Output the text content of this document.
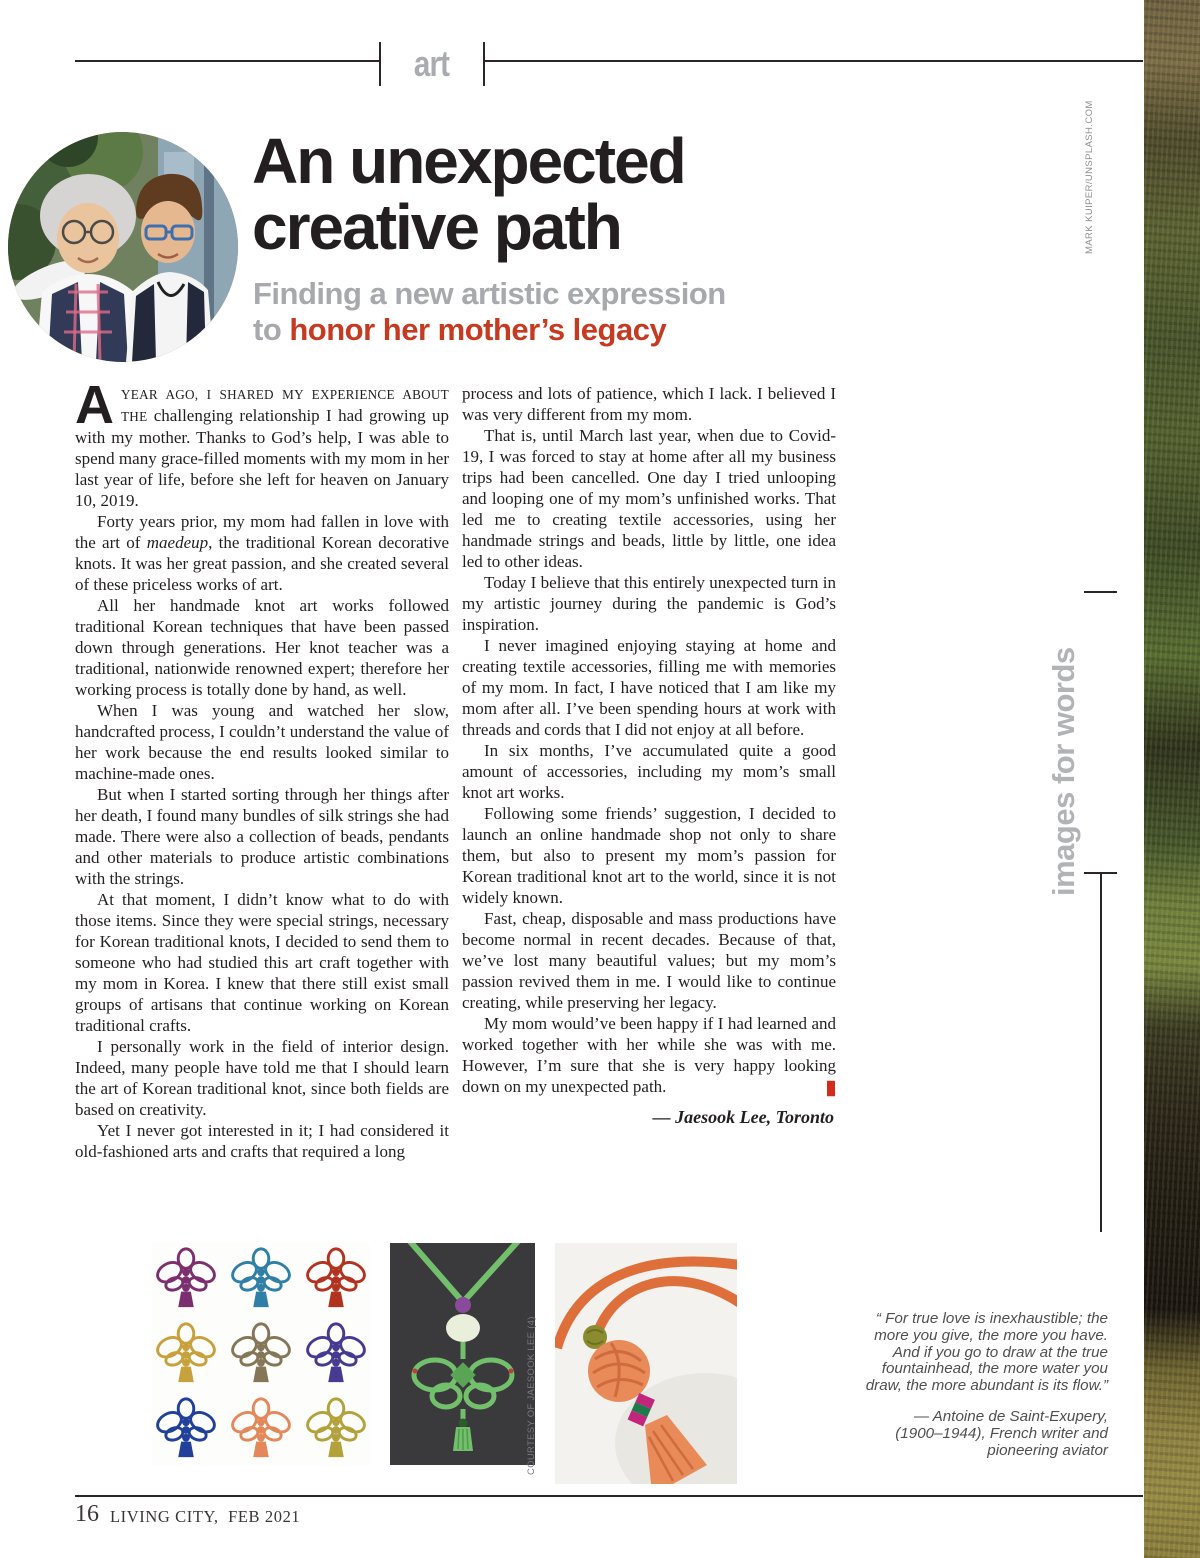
art
An unexpected
creative path
Finding a new artistic expression
to honor her mother’s legacy
MARK KUIPER/UNSPLASH.COM

AYEAR AGO, I SHARED MY EXPERIENCE ABOUT THE challenging relationship I had growing up with my mother. Thanks to God’s help, I was able to spend many grace-filled moments with my mom in her last year of life, before she left for heaven on January 10, 2019.

Forty years prior, my mom had fallen in love with the art of maedeup, the traditional Korean decorative knots. It was her great passion, and she created several of these priceless works of art.

All her handmade knot art works followed traditional Korean techniques that have been passed down through generations. Her knot teacher was a traditional, nationwide renowned expert; therefore her working process is totally done by hand, as well.

When I was young and watched her slow, handcrafted process, I couldn’t understand the value of her work because the end results looked similar to machine-made ones.

But when I started sorting through her things after her death, I found many bundles of silk strings she had made. There were also a collection of beads, pendants and other materials to produce artistic combinations with the strings.

At that moment, I didn’t know what to do with those items. Since they were special strings, necessary for Korean traditional knots, I decided to send them to someone who had studied this art craft together with my mom in Korea. I knew that there still exist small groups of artisans that continue working on Korean traditional crafts.

I personally work in the field of interior design. Indeed, many people have told me that I should learn the art of Korean traditional knot, since both fields are based on creativity.

Yet I never got interested in it; I had considered it old-fashioned arts and crafts that required a long

process and lots of patience, which I lack. I believed I was very different from my mom.

That is, until March last year, when due to Covid-19, I was forced to stay at home after all my business trips had been cancelled. One day I tried unlooping and looping one of my mom’s unfinished works. That led me to creating textile accessories, using her handmade strings and beads, little by little, one idea led to other ideas.

Today I believe that this entirely unexpected turn in my artistic journey during the pandemic is God’s inspiration.

I never imagined enjoying staying at home and creating textile accessories, filling me with memories of my mom. In fact, I have noticed that I am like my mom after all. I’ve been spending hours at work with threads and cords that I did not enjoy at all before.

In six months, I’ve accumulated quite a good amount of accessories, including my mom’s small knot art works.

Following some friends’ suggestion, I decided to launch an online handmade shop not only to share them, but also to present my mom’s passion for Korean traditional knot art to the world, since it is not widely known.

Fast, cheap, disposable and mass productions have become normal in recent decades. Because of that, we’ve lost many beautiful values; but my mom’s passion revived them in me. I would like to continue creating, while preserving her legacy.

My mom would’ve been happy if I had learned and worked together with her while she was with me. However, I’m sure that she is very happy looking down on my unexpected path.

— Jaesook Lee, Toronto
images for words
COURTESY OF JAESOOK LEE (4)	“ For true love is inexhaustible; the
more you give, the more you have.
And if you go to draw at the true
fountainhead, the more water you
draw, the more abundant is its flow.”
— Antoine de Saint-Exupery,
(1900–1944), French writer and
pioneering aviator
16 LIVING CITY,  FEB 2021
